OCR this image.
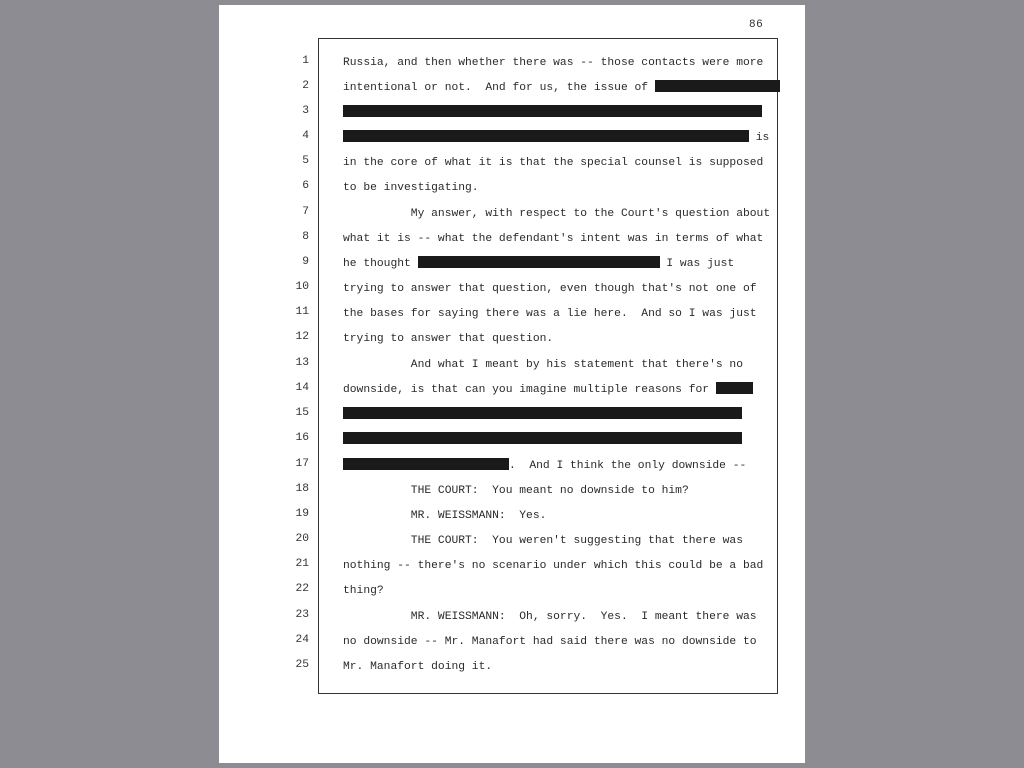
86
1
2
3
4
5
6
7
8
9
10
11
12
13
14
15
16
17
18
19
20
21
22
23
24
25
Russia, and then whether there was -- those contacts were more
intentional or not.  And for us, the issue of
is
in the core of what it is that the special counsel is supposed
to be investigating.
My answer, with respect to the Court's question about
what it is -- what the defendant's intent was in terms of what
he thought	I was just
trying to answer that question, even though that's not one of
the bases for saying there was a lie here.  And so I was just
trying to answer that question.
And what I meant by his statement that there's no
downside, is that can you imagine multiple reasons for
.  And I think the only downside --
THE COURT:  You meant no downside to him?
MR. WEISSMANN:  Yes.
THE COURT:  You weren't suggesting that there was
nothing -- there's no scenario under which this could be a bad
thing?
MR. WEISSMANN:  Oh, sorry.  Yes.  I meant there was
no downside -- Mr. Manafort had said there was no downside to
Mr. Manafort doing it.
